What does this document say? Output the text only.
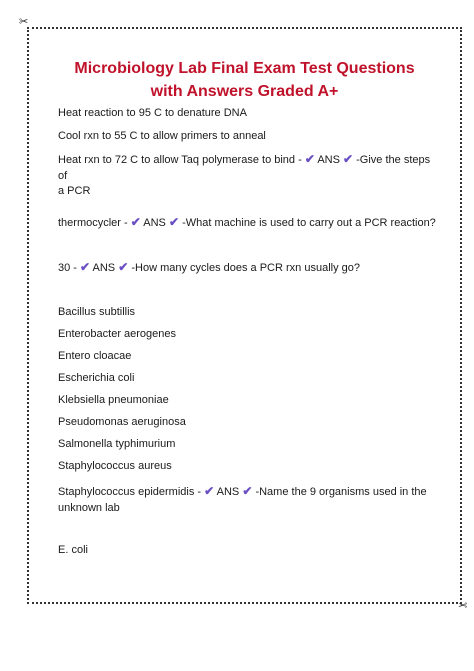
✂
✂
Microbiology Lab Final Exam Test Questions
with Answers Graded A+
Heat reaction to 95 C to denature DNA
Cool rxn to 55 C to allow primers to anneal
Heat rxn to 72 C to allow Taq polymerase to bind - ✔ ANS ✔ -Give the steps of
a PCR
thermocycler - ✔ ANS ✔ -What machine is used to carry out a PCR reaction?
30 - ✔ ANS ✔ -How many cycles does a PCR rxn usually go?
Bacillus subtillis
Enterobacter aerogenes
Entero cloacae
Escherichia coli
Klebsiella pneumoniae
Pseudomonas aeruginosa
Salmonella typhimurium
Staphylococcus aureus
Staphylococcus epidermidis - ✔ ANS ✔ -Name the 9 organisms used in the
unknown lab
E. coli
